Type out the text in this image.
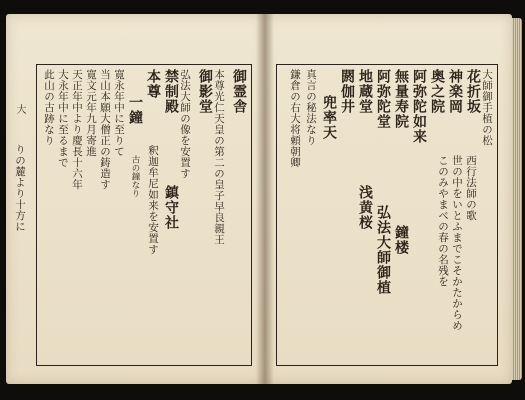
大	御霊舎
本尊光仁天皇の第二の皇子早良親王
御影堂
弘法大師の像を安置す
禁制殿
鎮守社
本尊
釈迦牟尼如来を安置す
一鐘
古の鐘なり
寛永年中に至りて
当山本願大僧正の鋳造す
寛文元年九月寄進
天正年中より慶長十六年
大永年中に至るまで
此山の古跡なり
りの麓より十方に
大師御手植の松
花折坂
神楽岡
奥之院
西行法師の歌
世の中をいとふまでこそかたからめ
このみやまべの春の名残を
阿弥陀如来
無量寿院
阿弥陀堂
地蔵堂
閼伽井
浅黄桜 弘法大師御植 鐘楼
兜率天
真言の秘法なり
鎌倉の右大将頼朝卿
